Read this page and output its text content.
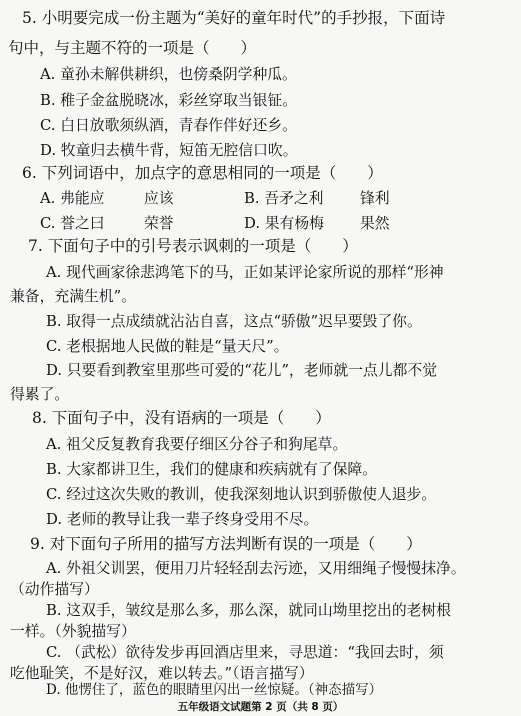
5. 小明要完成一份主题为“美好的童年时代”的手抄报，下面诗
句中，与主题不符的一项是（　　）
A. 童孙未解供耕织，也傍桑阴学种瓜。
B. 稚子金盆脱晓冰，彩丝穿取当银钲。
C. 白日放歌须纵酒，青春作伴好还乡。
D. 牧童归去横牛背，短笛无腔信口吹。
6. 下列词语中，加点字的意思相同的一项是（　　）
A. 弗能应	应该	B. 吾矛之利 锋利
C. 誉之曰	荣誉	D. 果有杨梅 果然
7. 下面句子中的引号表示讽刺的一项是（　　）
A. 现代画家徐悲鸿笔下的马，正如某评论家所说的那样“形神
兼备，充满生机”。
B. 取得一点成绩就沾沾自喜，这点“骄傲”迟早要毁了你。
C. 老根据地人民做的鞋是“量天尺”。
D. 只要看到教室里那些可爱的“花儿”，老师就一点儿都不觉
得累了。
8. 下面句子中，没有语病的一项是（　　）
A. 祖父反复教育我要仔细区分谷子和狗尾草。
B. 大家都讲卫生，我们的健康和疾病就有了保障。
C. 经过这次失败的教训，使我深刻地认识到骄傲使人退步。
D. 老师的教导让我一辈子终身受用不尽。
9. 对下面句子所用的描写方法判断有误的一项是（　　）
A. 外祖父训罢，便用刀片轻轻刮去污迹，又用细绳子慢慢抹净。
（动作描写）
B. 这双手，皱纹是那么多，那么深，就同山坳里挖出的老树根
一样。（外貌描写）
C. （武松）欲待发步再回酒店里来，寻思道：“我回去时，须
五年级语文试题第 2 页（共 8 页）
吃他耻笑，不是好汉，难以转去。”（语言描写）
D. 他愣住了，蓝色的眼睛里闪出一丝惊疑。（神态描写）
